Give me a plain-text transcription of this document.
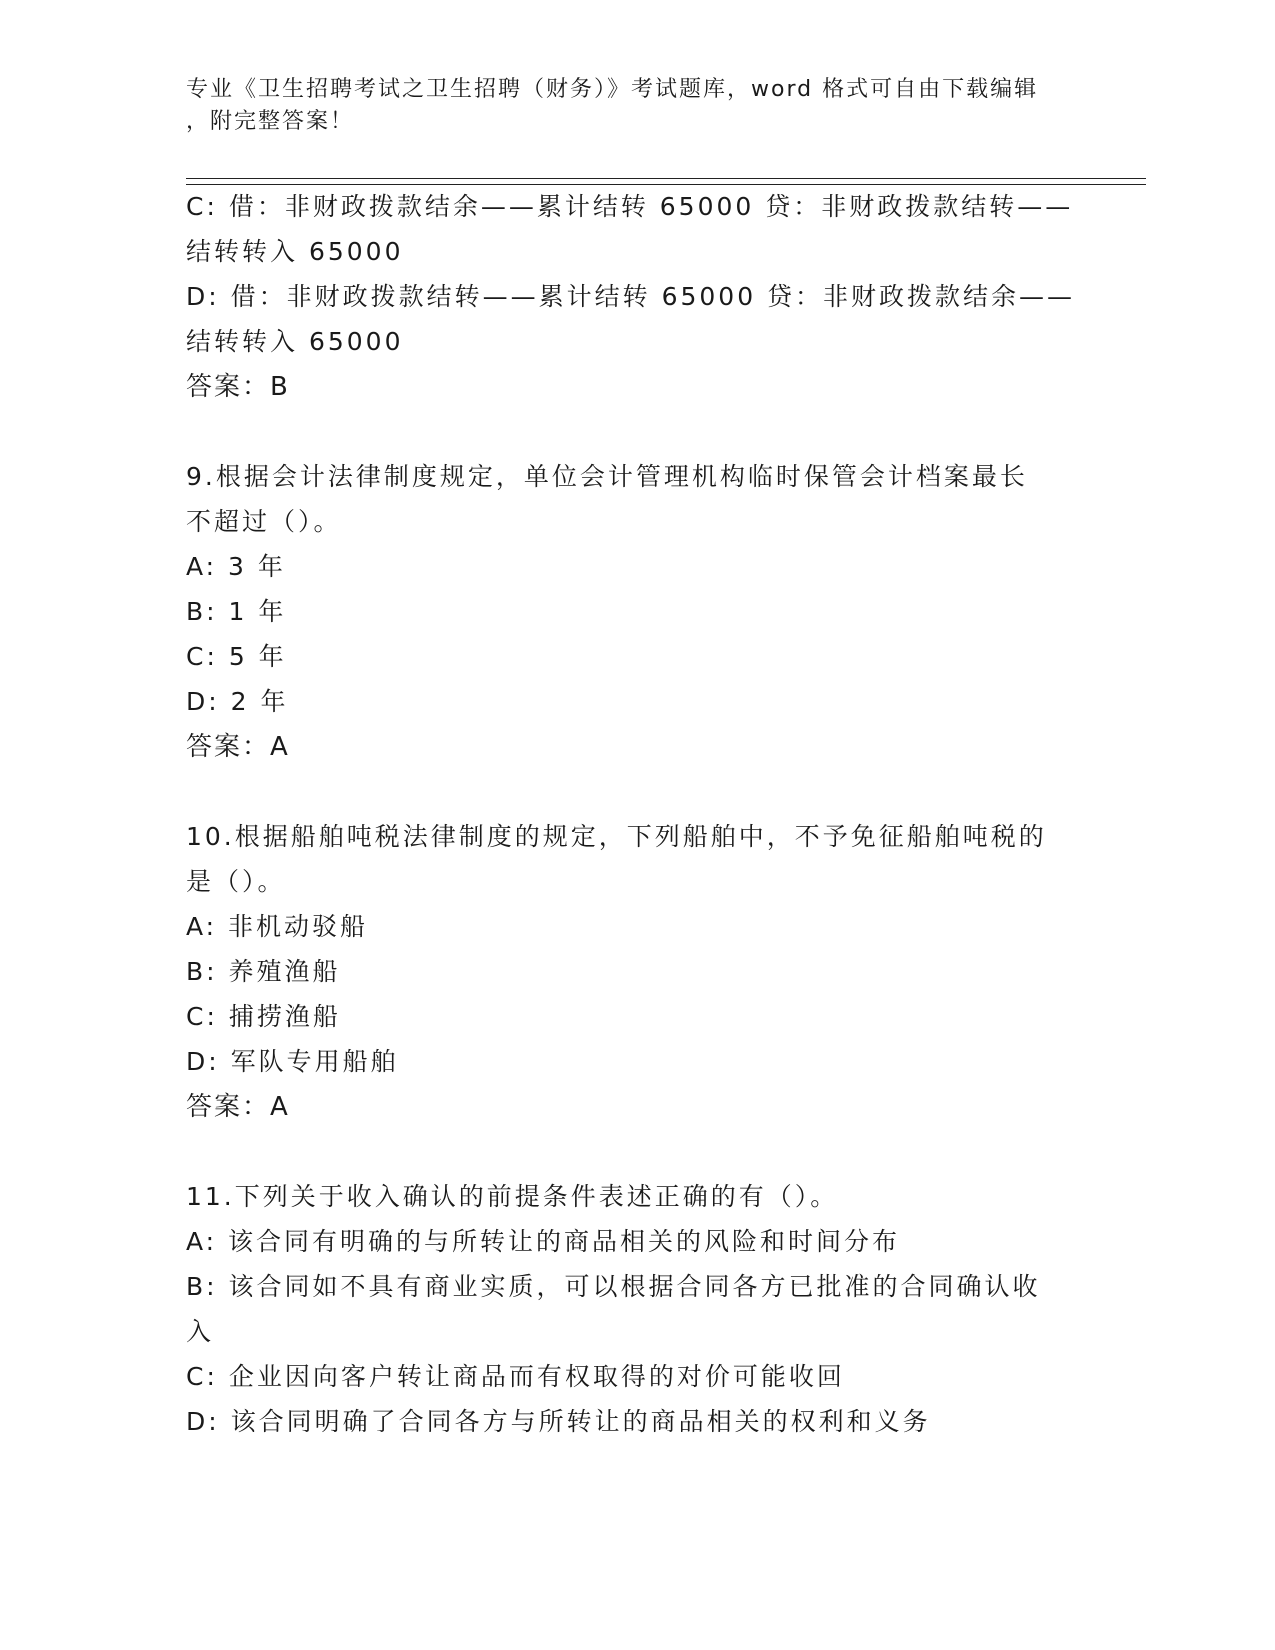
专业《卫生招聘考试之卫生招聘（财务）》考试题库，word 格式可自由下载编辑
，附完整答案！
C: 借：非财政拨款结余——累计结转 65000 贷：非财政拨款结转——
结转转入 65000
D: 借：非财政拨款结转——累计结转 65000 贷：非财政拨款结余——
结转转入 65000
答案：B
9.根据会计法律制度规定，单位会计管理机构临时保管会计档案最长
不超过（）。
A: 3 年
B: 1 年
C: 5 年
D: 2 年
答案：A
10.根据船舶吨税法律制度的规定，下列船舶中，不予免征船舶吨税的
是（）。
A: 非机动驳船
B: 养殖渔船
C: 捕捞渔船
D: 军队专用船舶
答案：A
11.下列关于收入确认的前提条件表述正确的有（）。
A: 该合同有明确的与所转让的商品相关的风险和时间分布
B: 该合同如不具有商业实质，可以根据合同各方已批准的合同确认收
入
C: 企业因向客户转让商品而有权取得的对价可能收回
D: 该合同明确了合同各方与所转让的商品相关的权利和义务
